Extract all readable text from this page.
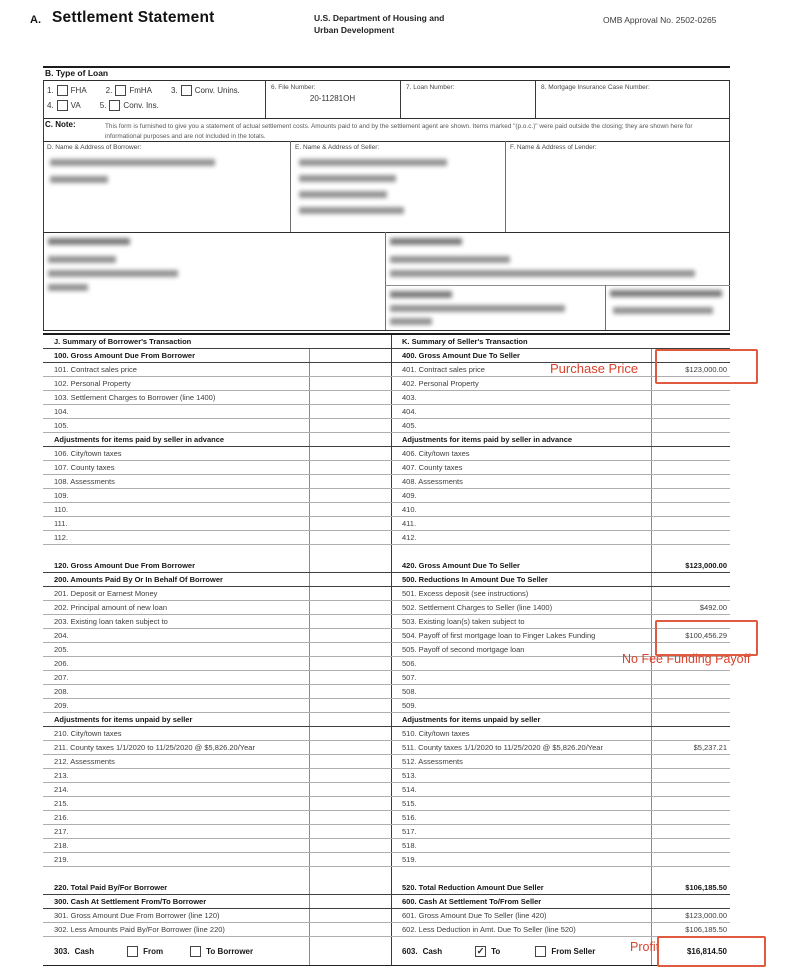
A. Settlement Statement	U.S. Department of Housing and
Urban Development
OMB Approval No. 2502-0265
B. Type of Loan
1. FHA 2. FmHA 3. Conv. Unins.
4. VA 5. Conv. Ins.
6. File Number:
20-11281OH
7. Loan Number:	8. Mortgage Insurance Case Number:
C. Note:	This form is furnished to give you a statement of actual settlement costs. Amounts paid to and by the settlement agent are shown. Items marked "(p.o.c.)" were paid outside the closing; they are shown here for informational purposes and are not included in the totals.
D. Name & Address of Borrower:	E. Name & Address of Seller:	F. Name & Address of Lender:
J. Summary of Borrower's Transaction	K. Summary of Seller's Transaction
100. Gross Amount Due From Borrower	400. Gross Amount Due To Seller
101. Contract sales price	401. Contract sales price	$123,000.00
102. Personal Property	402. Personal Property
103. Settlement Charges to Borrower (line 1400)	403.
104.	404.
105.	405.
Adjustments for items paid by seller in advance	Adjustments for items paid by seller in advance
106. City/town taxes	406. City/town taxes
107. County taxes	407. County taxes
108. Assessments	408. Assessments
109.	409.
110.	410.
111.	411.
112.	412.
120. Gross Amount Due From Borrower	420. Gross Amount Due To Seller	$123,000.00
200. Amounts Paid By Or In Behalf Of Borrower	500. Reductions In Amount Due To Seller
201. Deposit or Earnest Money	501. Excess deposit (see instructions)
202. Principal amount of new loan	502. Settlement Charges to Seller (line 1400)	$492.00
203. Existing loan taken subject to	503. Existing loan(s) taken subject to
204.	504. Payoff of first mortgage loan to Finger Lakes Funding	$100,456.29
205.	505. Payoff of second mortgage loan
206.	506.
207.	507.
208.	508.
209.	509.
Adjustments for items unpaid by seller	Adjustments for items unpaid by seller
210. City/town taxes	510. City/town taxes
211. County taxes 1/1/2020 to 11/25/2020 @ $5,826.20/Year	511. County taxes 1/1/2020 to 11/25/2020 @ $5,826.20/Year	$5,237.21
212. Assessments	512. Assessments
213.	513.
214.	514.
215.	515.
216.	516.
217.	517.
218.	518.
219.	519.
220. Total Paid By/For Borrower	520. Total Reduction Amount Due Seller	$106,185.50
300. Cash At Settlement From/To Borrower	600. Cash At Settlement To/From Seller
301. Gross Amount Due From Borrower (line 120)	601. Gross Amount Due To Seller (line 420)	$123,000.00
302. Less Amounts Paid By/For Borrower (line 220)	602. Less Deduction in Amt. Due To Seller (line 520)	$106,185.50
303. Cash	From	To Borrower	603. Cash	✓ To	From Seller	$16,814.50
Purchase Price
No Fee Funding Payoff
Profit
